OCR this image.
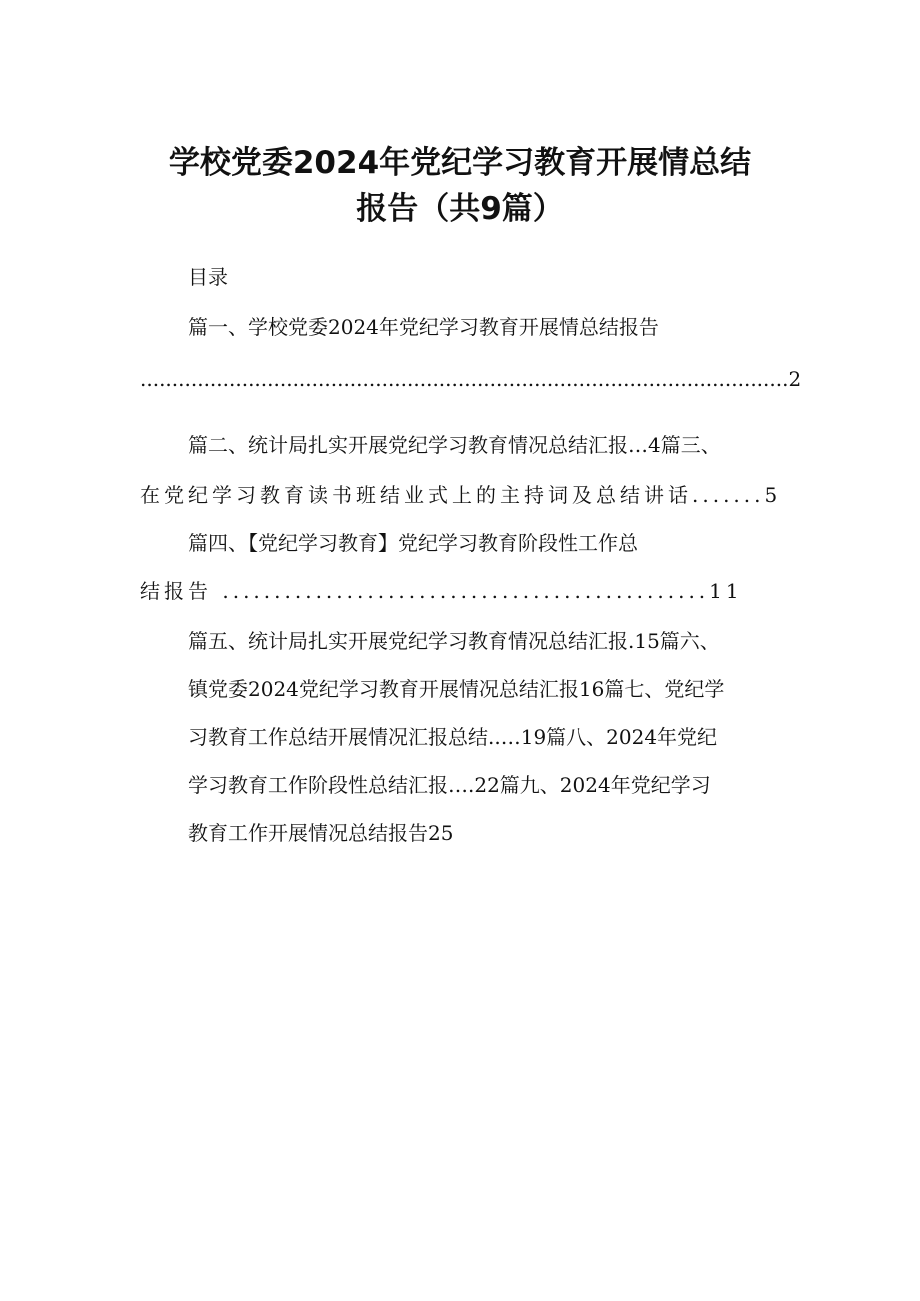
学校党委2024年党纪学习教育开展情总结
报告（共9篇）
目录
篇一、学校党委2024年党纪学习教育开展情总结报告
......................................................................................................2
篇二、统计局扎实开展党纪学习教育情况总结汇报…4篇三、
在党纪学习教育读书班结业式上的主持词及总结讲话.......5
篇四、【党纪学习教育】党纪学习教育阶段性工作总
结报告 ...............................................11
篇五、统计局扎实开展党纪学习教育情况总结汇报.15篇六、
镇党委2024党纪学习教育开展情况总结汇报16篇七、党纪学
习教育工作总结开展情况汇报总结..…19篇八、2024年党纪
学习教育工作阶段性总结汇报….22篇九、2024年党纪学习
教育工作开展情况总结报告25
